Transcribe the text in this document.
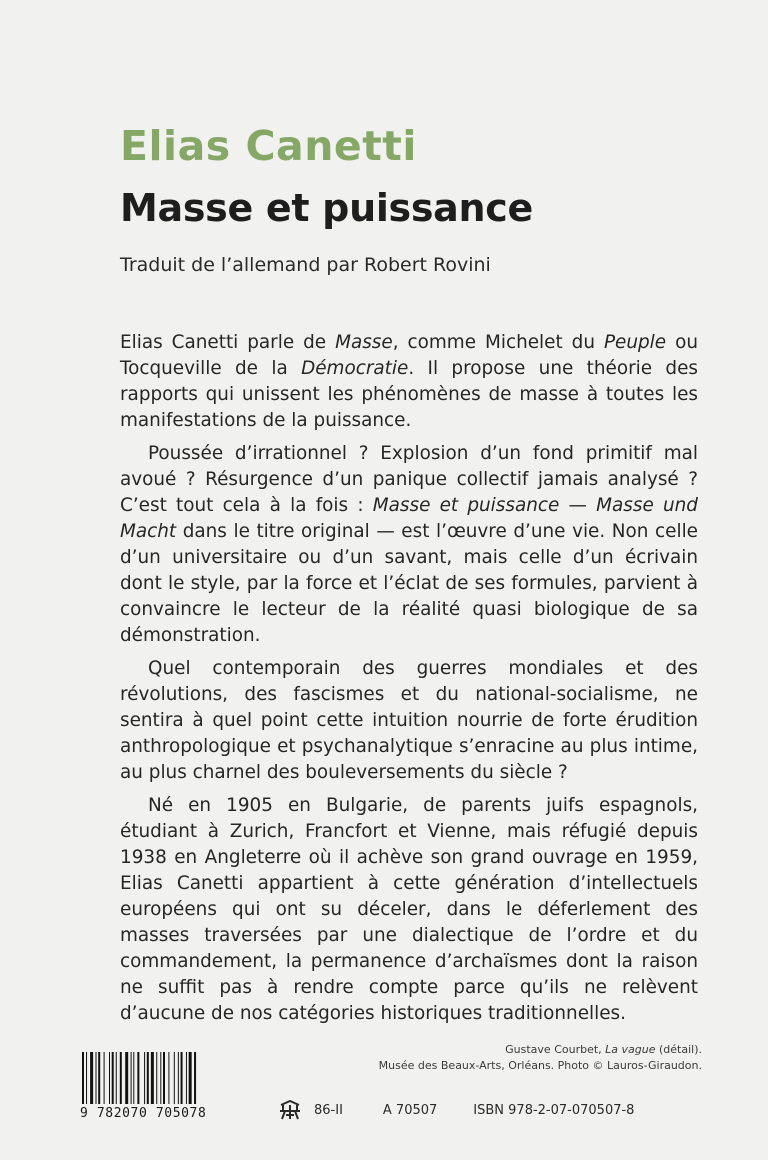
Elias Canetti
Masse et puissance
Traduit de l’allemand par Robert Rovini

Elias Canetti parle de Masse, comme Michelet du Peuple ou Tocqueville de la Démocratie. Il propose une théorie des rapports qui unissent les phénomènes de masse à toutes les manifestations de la puissance.

Poussée d’irrationnel ? Explosion d’un fond primitif mal avoué ? Résurgence d’un panique collectif jamais analysé ? C’est tout cela à la fois : Masse et puissance — Masse und Macht dans le titre original — est l’œuvre d’une vie. Non celle d’un universitaire ou d’un savant, mais celle d’un écrivain dont le style, par la force et l’éclat de ses formules, parvient à convaincre le lecteur de la réalité quasi biologique de sa démonstration.

Quel contemporain des guerres mondiales et des révolutions, des fascismes et du national-socialisme, ne sentira à quel point cette intuition nourrie de forte érudition anthropologique et psychanalytique s’enracine au plus intime, au plus charnel des bouleversements du siècle ?

Né en 1905 en Bulgarie, de parents juifs espagnols, étudiant à Zurich, Francfort et Vienne, mais réfugié depuis 1938 en Angleterre où il achève son grand ouvrage en 1959, Elias Canetti appartient à cette génération d’intellectuels européens qui ont su déceler, dans le déferlement des masses traversées par une dialectique de l’ordre et du commandement, la permanence d’archaïsmes dont la raison ne suffit pas à rendre compte parce qu’ils ne relèvent d’aucune de nos catégories historiques traditionnelles.

Gustave Courbet, La vague (détail).
Musée des Beaux-Arts, Orléans. Photo © Lauros-Giraudon.
9 782070 705078	86-II	A 70507	ISBN 978-2-07-070507-8
